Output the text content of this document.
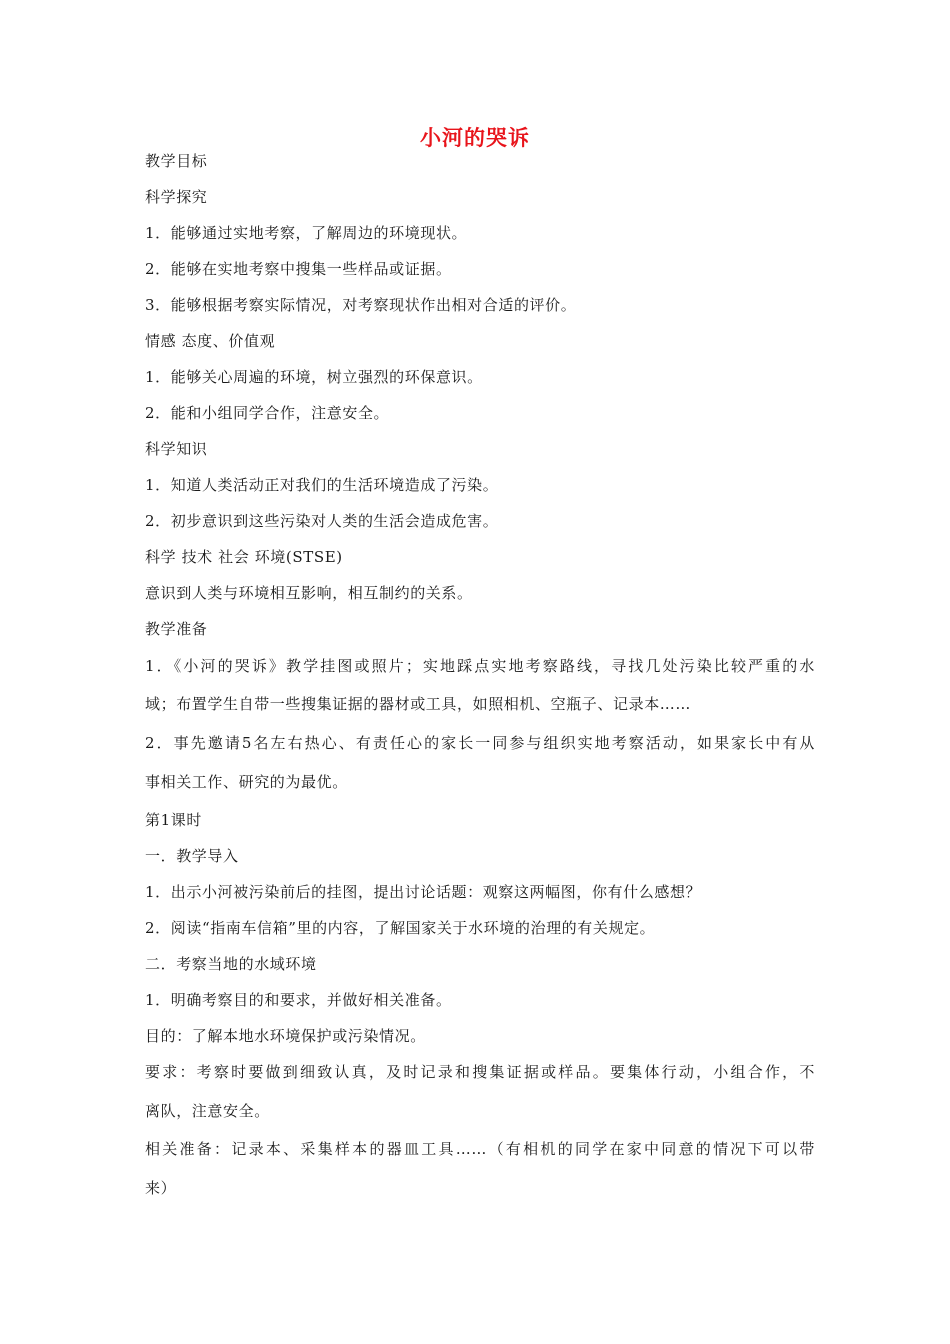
小河的哭诉
教学目标
科学探究
1．能够通过实地考察，了解周边的环境现状。
2．能够在实地考察中搜集一些样品或证据。
3．能够根据考察实际情况，对考察现状作出相对合适的评价。
情感 态度、价值观
1．能够关心周遍的环境，树立强烈的环保意识。
2．能和小组同学合作，注意安全。
科学知识
1．知道人类活动正对我们的生活环境造成了污染。
2．初步意识到这些污染对人类的生活会造成危害。
科学 技术 社会 环境(STSE)
意识到人类与环境相互影响，相互制约的关系。
教学准备
1．《小河的哭诉》教学挂图或照片；实地踩点实地考察路线，寻找几处污染比较严重的水
域；布置学生自带一些搜集证据的器材或工具，如照相机、空瓶子、记录本……
2．事先邀请5名左右热心、有责任心的家长一同参与组织实地考察活动，如果家长中有从
事相关工作、研究的为最优。
第1课时
一．教学导入
1．出示小河被污染前后的挂图，提出讨论话题：观察这两幅图，你有什么感想？
2．阅读“指南车信箱”里的内容，了解国家关于水环境的治理的有关规定。
二．考察当地的水域环境
1．明确考察目的和要求，并做好相关准备。
目的：了解本地水环境保护或污染情况。
要求：考察时要做到细致认真，及时记录和搜集证据或样品。要集体行动，小组合作，不
离队，注意安全。
相关准备：记录本、采集样本的器皿工具……（有相机的同学在家中同意的情况下可以带
来）
